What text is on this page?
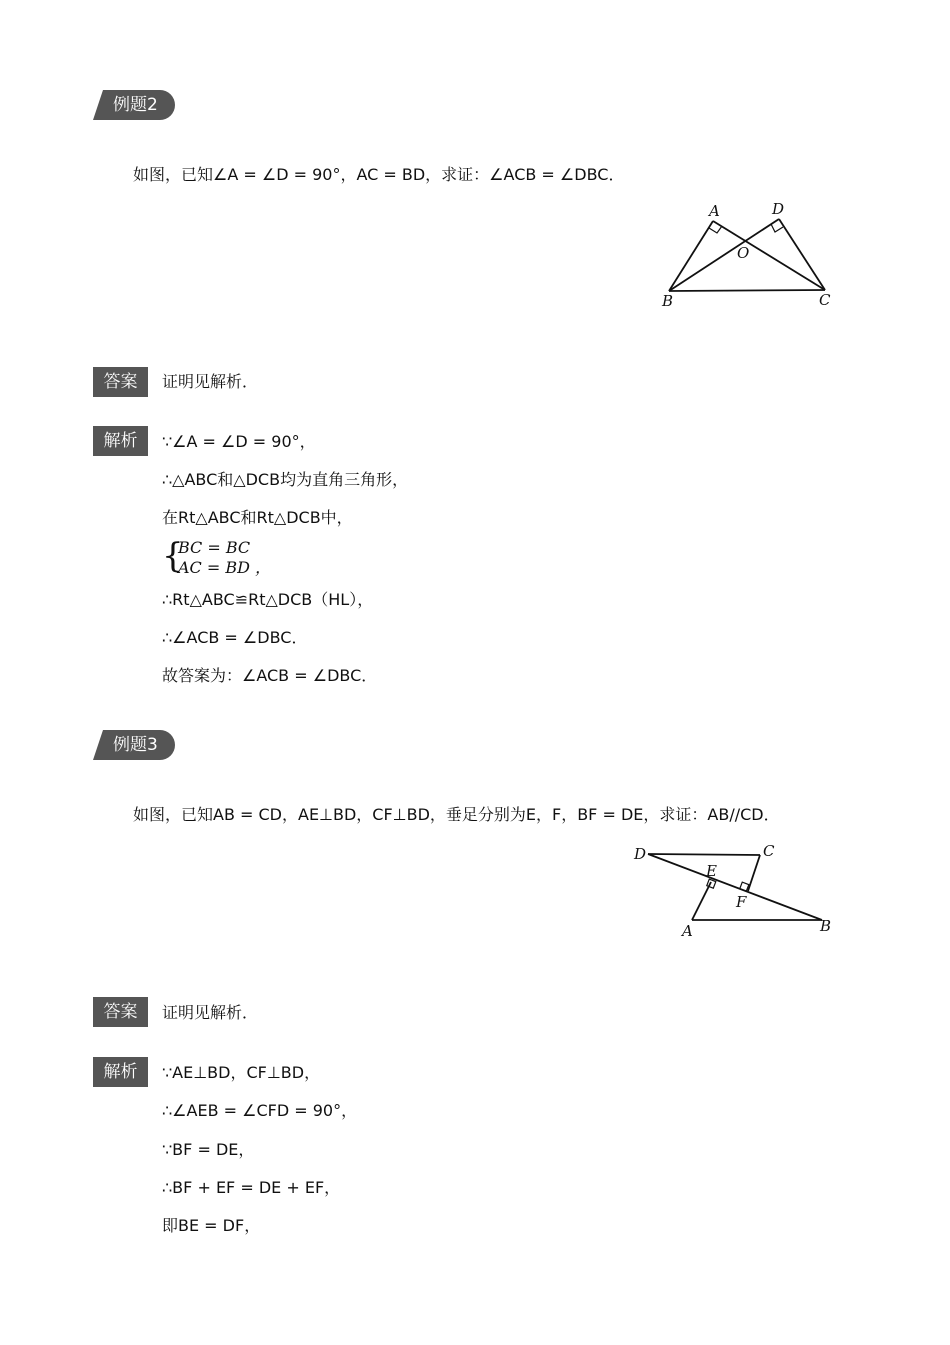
例题2
如图，已知∠A = ∠D = 90°，AC = BD，求证：∠ACB = ∠DBC．
A	D
O
B	C
答案	证明见解析．
解析	∵∠A = ∠D = 90°，
∴△ABC和△DCB均为直角三角形，
在Rt△ABC和Rt△DCB中，
{
BC = BC
AC = BD ，
∴Rt△ABC≌Rt△DCB（HL），
∴∠ACB = ∠DBC．
故答案为：∠ACB = ∠DBC．
例题3
如图，已知AB = CD，AE⊥BD，CF⊥BD，垂足分别为E，F，BF = DE，求证：AB//CD．
D	C
E
F
A	B
答案	证明见解析．
解析	∵AE⊥BD，CF⊥BD，
∴∠AEB = ∠CFD = 90°，
∵BF = DE，
∴BF + EF = DE + EF，
即BE = DF，
